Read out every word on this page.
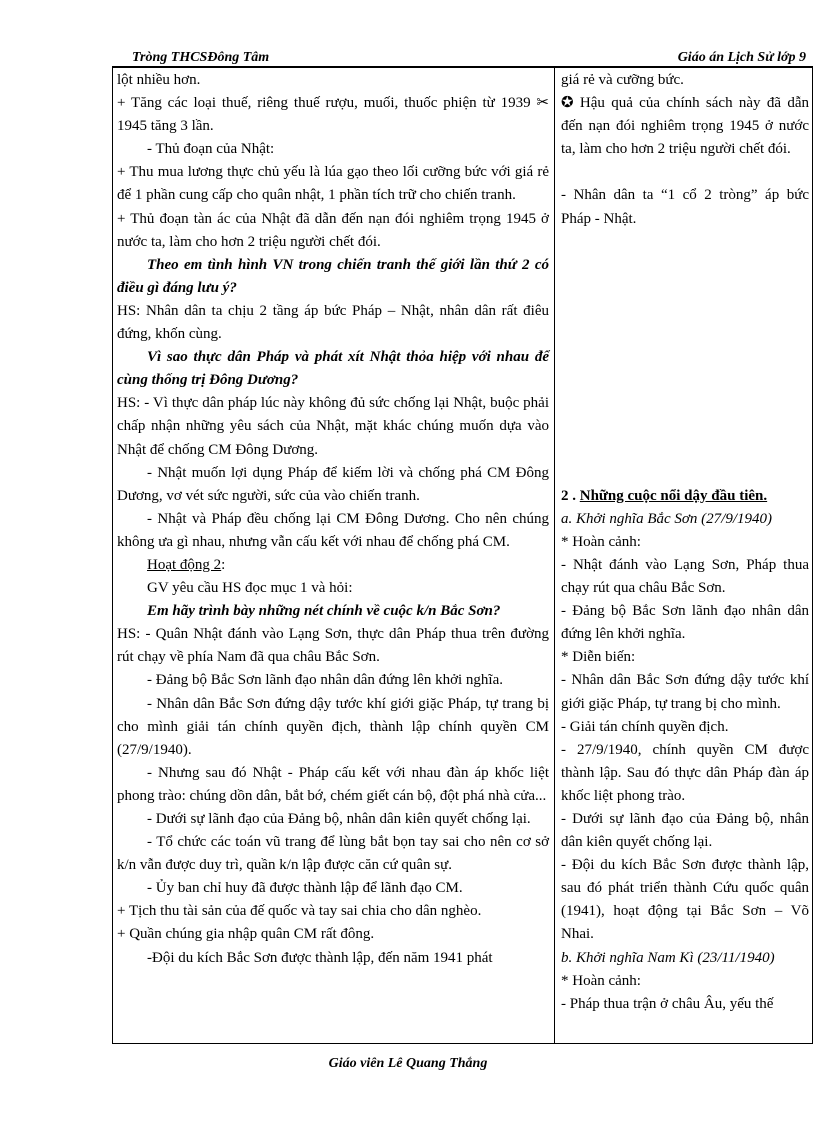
Tròng THCSĐông Tâm	Giáo án Lịch Sử lớp 9

lột nhiều hơn.

+ Tăng các loại thuế, riêng thuế rượu, muối, thuốc phiện từ 1939 ✂ 1945 tăng 3 lần.

- Thủ đoạn của Nhật:

+ Thu mua lương thực chủ yếu là lúa gạo theo lối cưỡng bức với giá rẻ để 1 phần cung cấp cho quân nhật, 1 phần tích trữ cho chiến tranh.

+ Thủ đoạn tàn ác của Nhật đã dẫn đến nạn đói nghiêm trọng 1945 ở nước ta, làm cho hơn 2 triệu người chết đói.

Theo em tình hình VN trong chiến tranh thế giới lần thứ 2 có điều gì đáng lưu ý?

HS: Nhân dân ta chịu 2 tầng áp bức Pháp – Nhật, nhân dân rất điêu đứng, khốn cùng.

Vì sao thực dân Pháp và phát xít Nhật thỏa hiệp với nhau để cùng thống trị Đông Dương?

HS: - Vì thực dân pháp lúc này không đủ sức chống lại Nhật, buộc phải chấp nhận những yêu sách của Nhật, mặt khác chúng muốn dựa vào Nhật để chống CM Đông Dương.

- Nhật muốn lợi dụng Pháp để kiếm lời và chống phá CM Đông Dương, vơ vét sức người, sức của vào chiến tranh.

- Nhật và Pháp đều chống lại CM Đông Dương. Cho nên chúng không ưa gì nhau, nhưng vẫn cấu kết với nhau để chống phá CM.

Hoạt động 2:

GV yêu cầu HS đọc mục 1 và hỏi:

Em hãy trình bày những nét chính về cuộc k/n Bắc Sơn?

HS: - Quân Nhật đánh vào Lạng Sơn, thực dân Pháp thua trên đường rút chạy về phía Nam đã qua châu Bắc Sơn.

- Đảng bộ Bắc Sơn lãnh đạo nhân dân đứng lên khởi nghĩa.

- Nhân dân Bắc Sơn đứng dậy tước khí giới giặc Pháp, tự trang bị cho mình giải tán chính quyền địch, thành lập chính quyền CM (27/9/1940).

- Nhưng sau đó Nhật - Pháp cấu kết với nhau đàn áp khốc liệt phong trào: chúng dồn dân, bắt bớ, chém giết cán bộ, đột phá nhà cửa...

- Dưới sự lãnh đạo của Đảng bộ, nhân dân kiên quyết chống lại.

- Tổ chức các toán vũ trang để lùng bắt bọn tay sai cho nên cơ sở k/n vẫn được duy trì, quần k/n lập được căn cứ quân sự.

- Ủy ban chỉ huy đã được thành lập để lãnh đạo CM.

+ Tịch thu tài sản của đế quốc và tay sai chia cho dân nghèo.

+ Quần chúng gia nhập quân CM rất đông.

-Đội du kích Bắc Sơn được thành lập, đến năm 1941 phát

giá rẻ và cưỡng bức.

✪ Hậu quả của chính sách này đã dẫn đến nạn đói nghiêm trọng 1945 ở nước ta, làm cho hơn 2 triệu người chết đói.

- Nhân dân ta “1 cổ 2 tròng” áp bức Pháp - Nhật.

2 . Những cuộc nổi dậy đầu tiên.

a. Khởi nghĩa Bắc Sơn (27/9/1940)

* Hoàn cảnh:

- Nhật đánh vào Lạng Sơn, Pháp thua chạy rút qua châu Bắc Sơn.

- Đảng bộ Bắc Sơn lãnh đạo nhân dân đứng lên khởi nghĩa.

* Diễn biến:

- Nhân dân Bắc Sơn đứng dậy tước khí giới giặc Pháp, tự trang bị cho mình.

- Giải tán chính quyền địch.

- 27/9/1940, chính quyền CM được thành lập. Sau đó thực dân Pháp đàn áp khốc liệt phong trào.

- Dưới sự lãnh đạo của Đảng bộ, nhân dân kiên quyết chống lại.

- Đội du kích Bắc Sơn được thành lập, sau đó phát triển thành Cứu quốc quân (1941), hoạt động tại Bắc Sơn – Võ Nhai.

b. Khởi nghĩa Nam Kì (23/11/1940)

* Hoàn cảnh:

- Pháp thua trận ở châu Âu, yếu thế

Giáo viên Lê Quang Thắng
